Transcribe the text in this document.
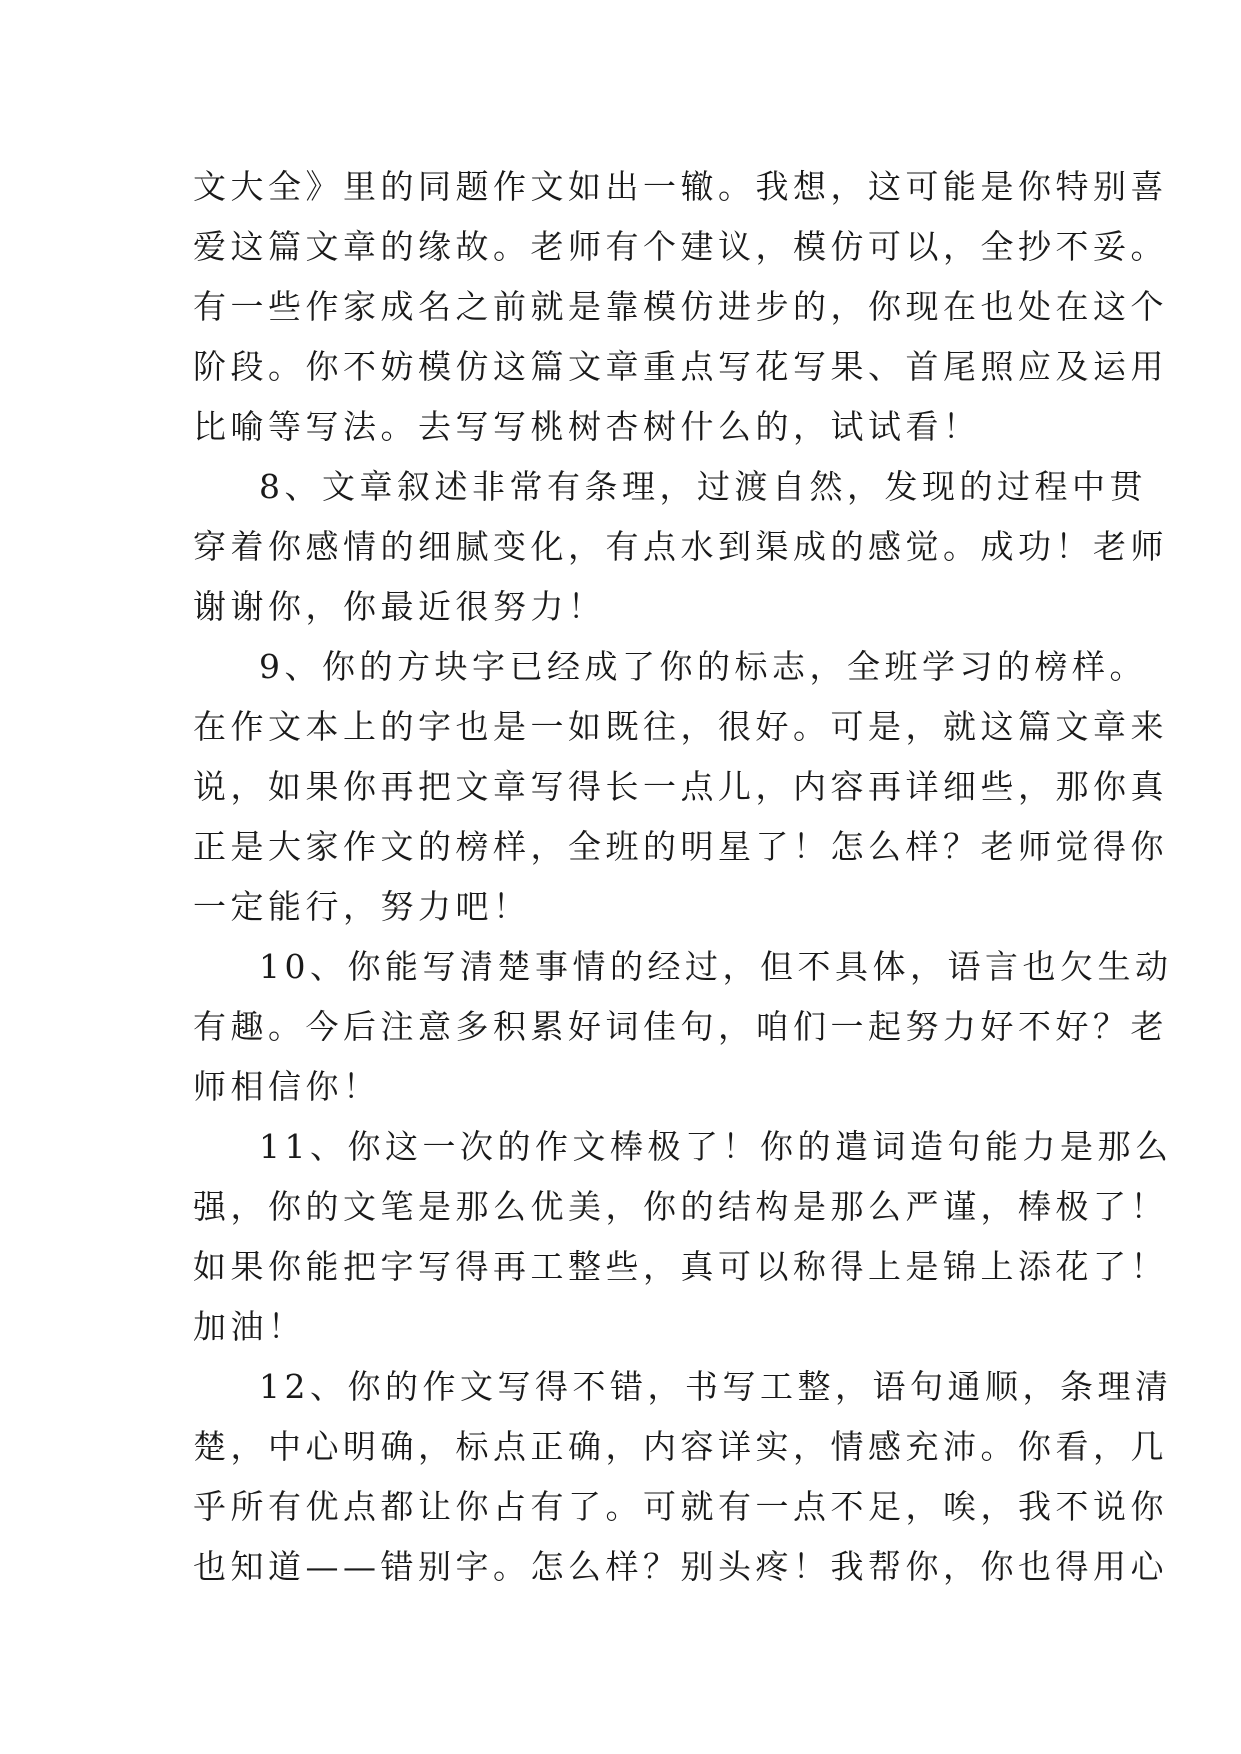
文大全》里的同题作文如出一辙。我想，这可能是你特别喜
爱这篇文章的缘故。老师有个建议，模仿可以，全抄不妥。
有一些作家成名之前就是靠模仿进步的，你现在也处在这个
阶段。你不妨模仿这篇文章重点写花写果、首尾照应及运用
比喻等写法。去写写桃树杏树什么的，试试看！
8、文章叙述非常有条理，过渡自然，发现的过程中贯
穿着你感情的细腻变化，有点水到渠成的感觉。成功！老师
谢谢你，你最近很努力！
9、你的方块字已经成了你的标志，全班学习的榜样。
在作文本上的字也是一如既往，很好。可是，就这篇文章来
说，如果你再把文章写得长一点儿，内容再详细些，那你真
正是大家作文的榜样，全班的明星了！怎么样？老师觉得你
一定能行，努力吧！
10、你能写清楚事情的经过，但不具体，语言也欠生动
有趣。今后注意多积累好词佳句，咱们一起努力好不好？老
师相信你！
11、你这一次的作文棒极了！你的遣词造句能力是那么
强，你的文笔是那么优美，你的结构是那么严谨，棒极了！
如果你能把字写得再工整些，真可以称得上是锦上添花了！
加油！
12、你的作文写得不错，书写工整，语句通顺，条理清
楚，中心明确，标点正确，内容详实，情感充沛。你看，几
乎所有优点都让你占有了。可就有一点不足，唉，我不说你
也知道——错别字。怎么样？别头疼！我帮你，你也得用心
